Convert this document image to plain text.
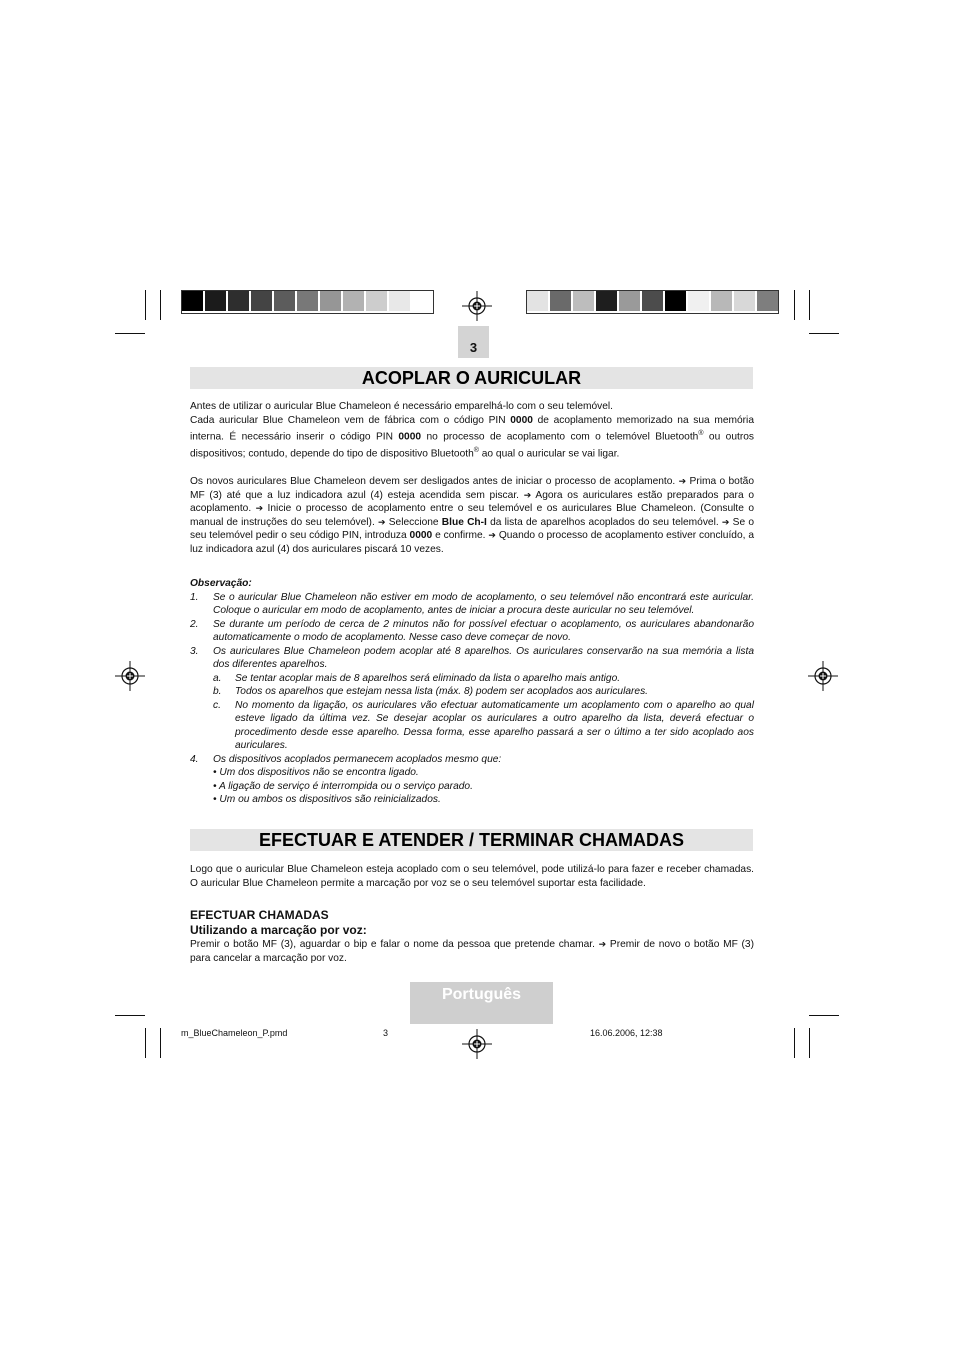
3
ACOPLAR O AURICULAR
Antes de utilizar o auricular Blue Chameleon é necessário emparelhá-lo com o seu telemóvel.
Cada auricular Blue Chameleon vem de fábrica com o código PIN 0000 de acoplamento memorizado na sua memória interna. É necessário inserir o código PIN 0000 no processo de acoplamento com o telemóvel Bluetooth® ou outros dispositivos; contudo, depende do tipo de dispositivo Bluetooth® ao qual o auricular se vai ligar.
Os novos auriculares Blue Chameleon devem ser desligados antes de iniciar o processo de acoplamento. ➔ Prima o botão MF (3) até que a luz indicadora azul (4) esteja acendida sem piscar. ➔ Agora os auriculares estão preparados para o acoplamento. ➔ Inicie o processo de acoplamento entre o seu telemóvel e os auriculares Blue Chameleon. (Consulte o manual de instruções do seu telemóvel). ➔ Seleccione Blue Ch-I da lista de aparelhos acoplados do seu telemóvel. ➔ Se o seu telemóvel pedir o seu código PIN, introduza 0000 e confirme. ➔ Quando o processo de acoplamento estiver concluído, a luz indicadora azul (4) dos auriculares piscará 10 vezes.
Observação:
1. Se o auricular Blue Chameleon não estiver em modo de acoplamento, o seu telemóvel não encontrará este auricular. Coloque o auricular em modo de acoplamento, antes de iniciar a procura deste auricular no seu telemóvel.
2. Se durante um período de cerca de 2 minutos não for possível efectuar o acoplamento, os auriculares abandonarão automaticamente o modo de acoplamento. Nesse caso deve começar de novo.
3. Os auriculares Blue Chameleon podem acoplar até 8 aparelhos. Os auriculares conservarão na sua memória a lista dos diferentes aparelhos.
a. Se tentar acoplar mais de 8 aparelhos será eliminado da lista o aparelho mais antigo.
b. Todos os aparelhos que estejam nessa lista (máx. 8) podem ser acoplados aos auriculares.
c. No momento da ligação, os auriculares vão efectuar automaticamente um acoplamento com o aparelho ao qual esteve ligado da última vez. Se desejar acoplar os auriculares a outro aparelho da lista, deverá efectuar o procedimento desde esse aparelho. Dessa forma, esse aparelho passará a ser o último a ter sido acoplado aos auriculares.
4. Os dispositivos acoplados permanecem acoplados mesmo que:
• Um dos dispositivos não se encontra ligado.
• A ligação de serviço é interrompida ou o serviço parado.
• Um ou ambos os dispositivos são reinicializados.
EFECTUAR E ATENDER / TERMINAR CHAMADAS
Logo que o auricular Blue Chameleon esteja acoplado com o seu telemóvel, pode utilizá-lo para fazer e receber chamadas. O auricular Blue Chameleon permite a marcação por voz se o seu telemóvel suportar esta facilidade.
EFECTUAR CHAMADAS
Utilizando a marcação por voz:
Premir o botão MF (3), aguardar o bip e falar o nome da pessoa que pretende chamar. ➔ Premir de novo o botão MF (3) para cancelar a marcação por voz.
Português
m_BlueChameleon_P.pmd	3	16.06.2006, 12:38
